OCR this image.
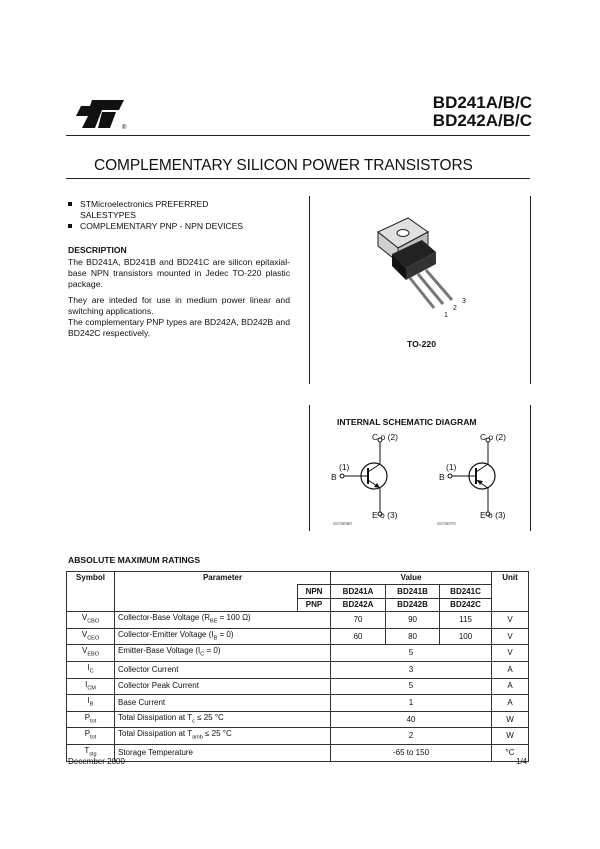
®
BD241A/B/C
BD242A/B/C
COMPLEMENTARY SILICON POWER TRANSISTORS
STMicroelectronics PREFERRED SALESTYPES
COMPLEMENTARY PNP - NPN DEVICES
DESCRIPTION

The BD241A, BD241B and BD241C are silicon epitaxial-base NPN transistors mounted in Jedec TO-220 plastic package.

They are inteded for use in medium power linear and switching applications.

The complementary PNP types are BD242A, BD242B and BD242C respectively.

1
2
3
TO-220
INTERNAL SCHEMATIC DIAGRAM
C o (2)
(1)
B
E o (3)
SC06960
C o (2)
(1)
B
E o (3)
SC06970
ABSOLUTE MAXIMUM RATINGS
Symbol	Parameter		Value			Unit
		NPN	BD241A	BD241B	BD241C	
		PNP	BD242A	BD242B	BD242C	
$V_{CBO}$	Collector-Base Voltage ($R_{BE} = 100$ Ω)		70	90	115	V
$V_{CEO}$	Collector-Emitter Voltage $(I_B = 0)$		60	80	100	V
$V_{EBO}$	Emitter-Base Voltage $(I_C = 0)$		5			V
$I_C$	Collector Current		3			A
$I_{CM}$	Collector Peak Current		5			A
$I_B$	Base Current		1			A
$P_{tot}$	Total Dissipation at $T_c \le 25$ °C		40			W
$P_{tot}$	Total Dissipation at $T_{amb} \le 25$ °C		2			W
$T_{stg}$	Storage Temperature		-65 to 150			°C
December 2000	1/4
